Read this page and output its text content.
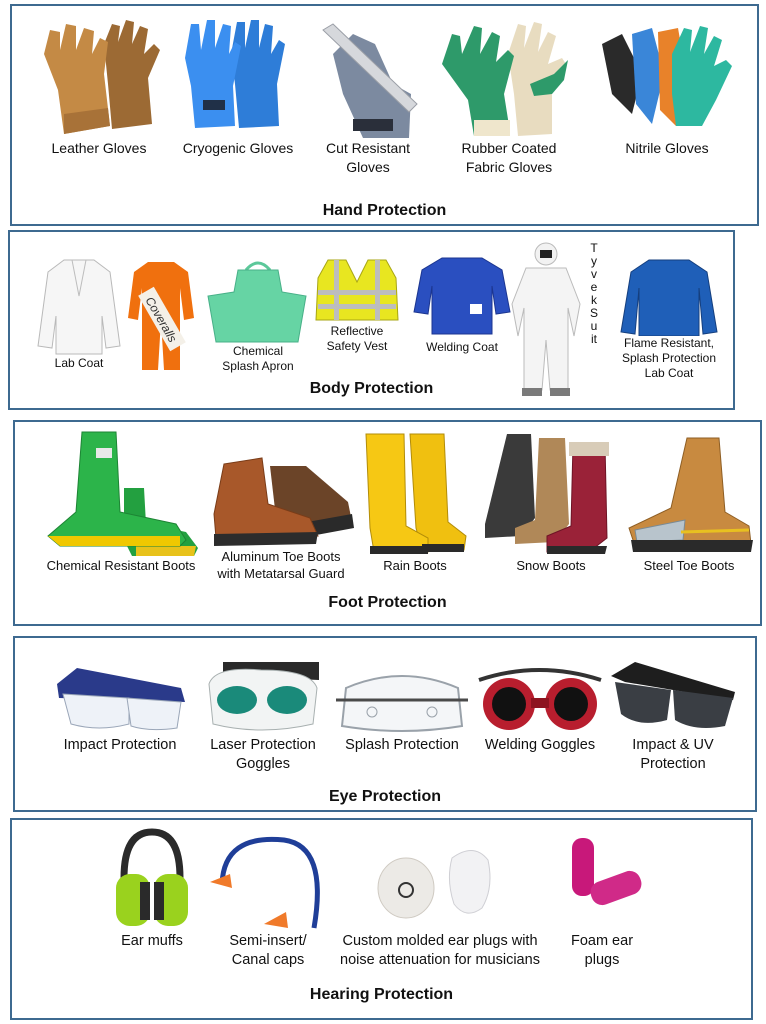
Leather Gloves	Cryogenic Gloves	Cut Resistant
Gloves
Rubber Coated
Fabric Gloves
Nitrile Gloves
Hand Protection
Lab Coat
Coveralls
Chemical
Splash Apron
Reflective
Safety Vest	Welding Coat
Tyvek Suit	Flame Resistant,
Splash Protection
Lab Coat
Body Protection
Chemical Resistant Boots
Aluminum Toe Boots
with Metatarsal Guard
Rain Boots	Snow Boots	Steel Toe Boots
Foot Protection
Impact Protection	Laser Protection
Goggles
Splash Protection	Welding Goggles	Impact & UV
Protection
Eye Protection
Ear muffs	Semi-insert/
Canal caps
Custom molded ear plugs with
noise attenuation for musicians
Foam ear
plugs
Hearing Protection
